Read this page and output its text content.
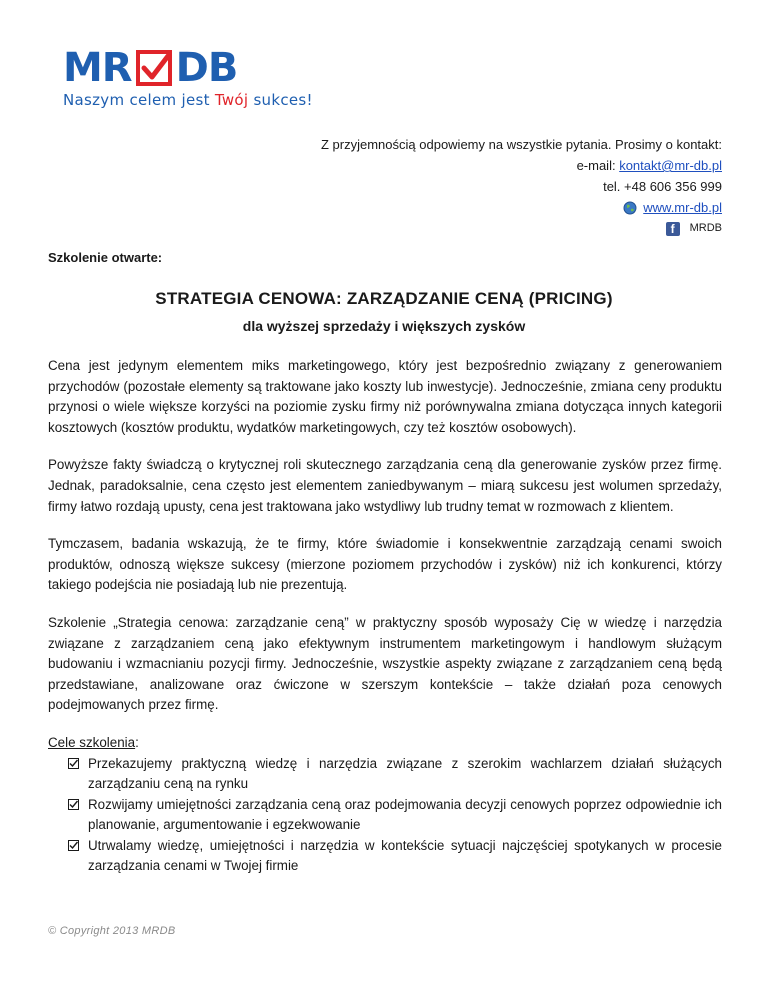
MR DB
Naszym celem jest Twój sukces!
Z przyjemnością odpowiemy na wszystkie pytania. Prosimy o kontakt:
e-mail:
kontakt@mr-db.pl
tel. +48 606 356 999
www.mr-db.pl
f	MRDB
Szkolenie otwarte:
STRATEGIA CENOWA: ZARZĄDZANIE CENĄ (PRICING)
dla wyższej sprzedaży i większych zysków

Cena jest jedynym elementem miks marketingowego, który jest bezpośrednio związany z generowaniem przychodów (pozostałe elementy są traktowane jako koszty lub inwestycje). Jednocześnie, zmiana ceny produktu przynosi o wiele większe korzyści na poziomie zysku firmy niż porównywalna zmiana dotycząca innych kategorii kosztowych (kosztów produktu, wydatków marketingowych, czy też kosztów osobowych).

Powyższe fakty świadczą o krytycznej roli skutecznego zarządzania ceną dla generowanie zysków przez firmę. Jednak, paradoksalnie, cena często jest elementem zaniedbywanym – miarą sukcesu jest wolumen sprzedaży, firmy łatwo rozdają upusty, cena jest traktowana jako wstydliwy lub trudny temat w rozmowach z klientem.

Tymczasem, badania wskazują, że te firmy, które świadomie i konsekwentnie zarządzają cenami swoich produktów, odnoszą większe sukcesy (mierzone poziomem przychodów i zysków) niż ich konkurenci, którzy takiego podejścia nie posiadają lub nie prezentują.

Szkolenie „Strategia cenowa: zarządzanie ceną” w praktyczny sposób wyposaży Cię w wiedzę i narzędzia związane z zarządzaniem ceną jako efektywnym instrumentem marketingowym i handlowym służącym budowaniu i wzmacnianiu pozycji firmy. Jednocześnie, wszystkie aspekty związane z zarządzaniem ceną będą przedstawiane, analizowane oraz ćwiczone w szerszym kontekście – także działań poza cenowych podejmowanych przez firmę.

Cele szkolenia:
Przekazujemy praktyczną wiedzę i narzędzia związane z szerokim wachlarzem działań służących zarządzaniu ceną na rynku
Rozwijamy umiejętności zarządzania ceną oraz podejmowania decyzji cenowych poprzez odpowiednie ich planowanie, argumentowanie i egzekwowanie
Utrwalamy wiedzę, umiejętności i narzędzia w kontekście sytuacji najczęściej spotykanych w procesie zarządzania cenami w Twojej firmie
© Copyright 2013 MRDB
